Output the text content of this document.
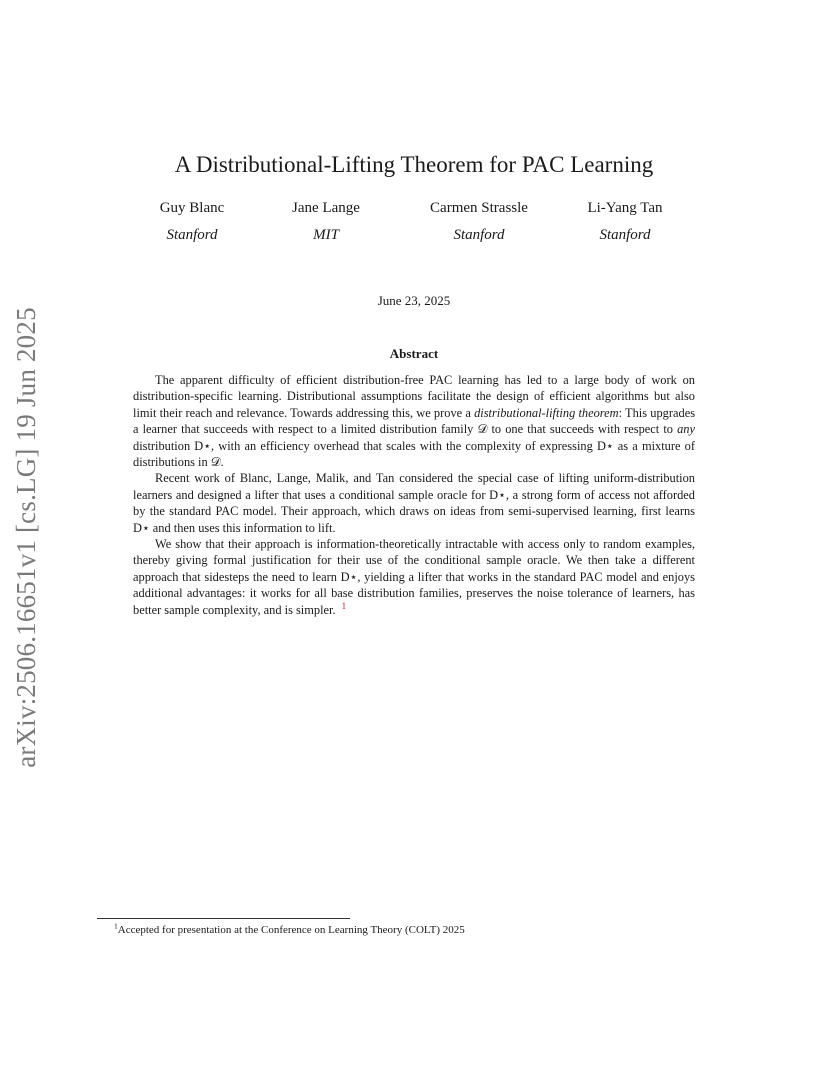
arXiv:2506.16651v1 [cs.LG] 19 Jun 2025
A Distributional-Lifting Theorem for PAC Learning
Guy Blanc
Stanford
Jane Lange
MIT
Carmen Strassle
Stanford
Li-Yang Tan
Stanford
June 23, 2025
Abstract

The apparent difficulty of efficient distribution-free PAC learning has led to a large body of work on distribution-specific learning. Distributional assumptions facilitate the design of efficient algorithms but also limit their reach and relevance. Towards addressing this, we prove a distributional-lifting theorem: This upgrades a learner that succeeds with respect to a limited distribution family 𝒟 to one that succeeds with respect to any distribution D⋆, with an efficiency overhead that scales with the complexity of expressing D⋆ as a mixture of distributions in 𝒟.

Recent work of Blanc, Lange, Malik, and Tan considered the special case of lifting uniform-distribution learners and designed a lifter that uses a conditional sample oracle for D⋆, a strong form of access not afforded by the standard PAC model. Their approach, which draws on ideas from semi-supervised learning, first learns D⋆ and then uses this information to lift.

We show that their approach is information-theoretically intractable with access only to random examples, thereby giving formal justification for their use of the conditional sample oracle. We then take a different approach that sidesteps the need to learn D⋆, yielding a lifter that works in the standard PAC model and enjoys additional advantages: it works for all base distribution families, preserves the noise tolerance of learners, has better sample complexity, and is simpler. $^1$

$^1$Accepted for presentation at the Conference on Learning Theory (COLT) 2025
